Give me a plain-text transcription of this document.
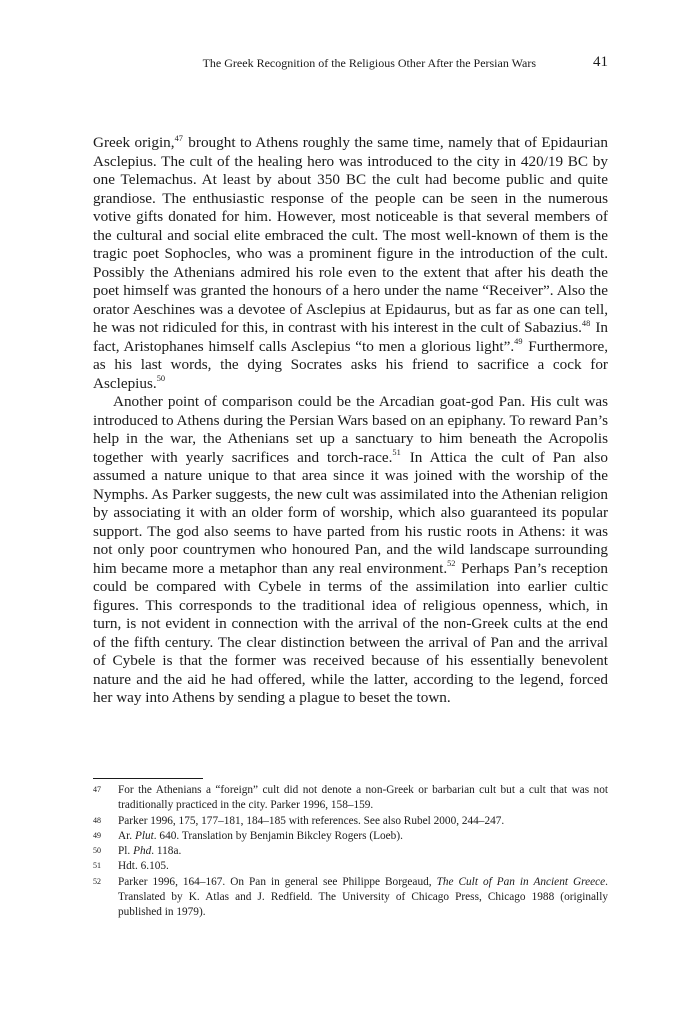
The Greek Recognition of the Religious Other After the Persian Wars	41

Greek origin,$^{47}$ brought to Athens roughly the same time, namely that of Epidaurian Asclepius. The cult of the healing hero was introduced to the city in 420/19 BC by one Telemachus. At least by about 350 BC the cult had become public and quite grandiose. The enthusiastic response of the people can be seen in the numerous votive gifts donated for him. However, most noticeable is that several members of the cultural and social elite embraced the cult. The most well-known of them is the tragic poet Sophocles, who was a prominent figure in the introduction of the cult. Possibly the Athenians admired his role even to the extent that after his death the poet himself was granted the honours of a hero under the name “Receiver”. Also the orator Aeschines was a devotee of Asclepius at Epidaurus, but as far as one can tell, he was not ridiculed for this, in contrast with his interest in the cult of Sabazius.$^{48}$ In fact, Aristophanes himself calls Asclepius “to men a glorious light”.$^{49}$ Furthermore, as his last words, the dying Socrates asks his friend to sacrifice a cock for Asclepius.$^{50}$

Another point of comparison could be the Arcadian goat-god Pan. His cult was introduced to Athens during the Persian Wars based on an epiphany. To reward Pan’s help in the war, the Athenians set up a sanctuary to him beneath the Acropolis together with yearly sacrifices and torch-race.$^{51}$ In Attica the cult of Pan also assumed a nature unique to that area since it was joined with the worship of the Nymphs. As Parker suggests, the new cult was assimilated into the Athenian religion by associating it with an older form of worship, which also guaranteed its popular support. The god also seems to have parted from his rustic roots in Athens: it was not only poor countrymen who honoured Pan, and the wild landscape surrounding him became more a metaphor than any real environment.$^{52}$ Perhaps Pan’s reception could be compared with Cybele in terms of the assimilation into earlier cultic figures. This corresponds to the traditional idea of religious openness, which, in turn, is not evident in connection with the arrival of the non-Greek cults at the end of the fifth century. The clear distinction between the arrival of Pan and the arrival of Cybele is that the former was received because of his essentially benevolent nature and the aid he had offered, while the latter, according to the legend, forced her way into Athens by sending a plague to beset the town.

47 For the Athenians a “foreign” cult did not denote a non-Greek or barbarian cult but a cult that was not traditionally practiced in the city. Parker 1996, 158–159.
48 Parker 1996, 175, 177–181, 184–185 with references. See also Rubel 2000, 244–247.
49 Ar. Plut. 640. Translation by Benjamin Bikcley Rogers (Loeb).
50 Pl. Phd. 118a.
51 Hdt. 6.105.
52 Parker 1996, 164–167. On Pan in general see Philippe Borgeaud, The Cult of Pan in Ancient Greece. Translated by K. Atlas and J. Redfield. The University of Chicago Press, Chicago 1988 (originally published in 1979).
